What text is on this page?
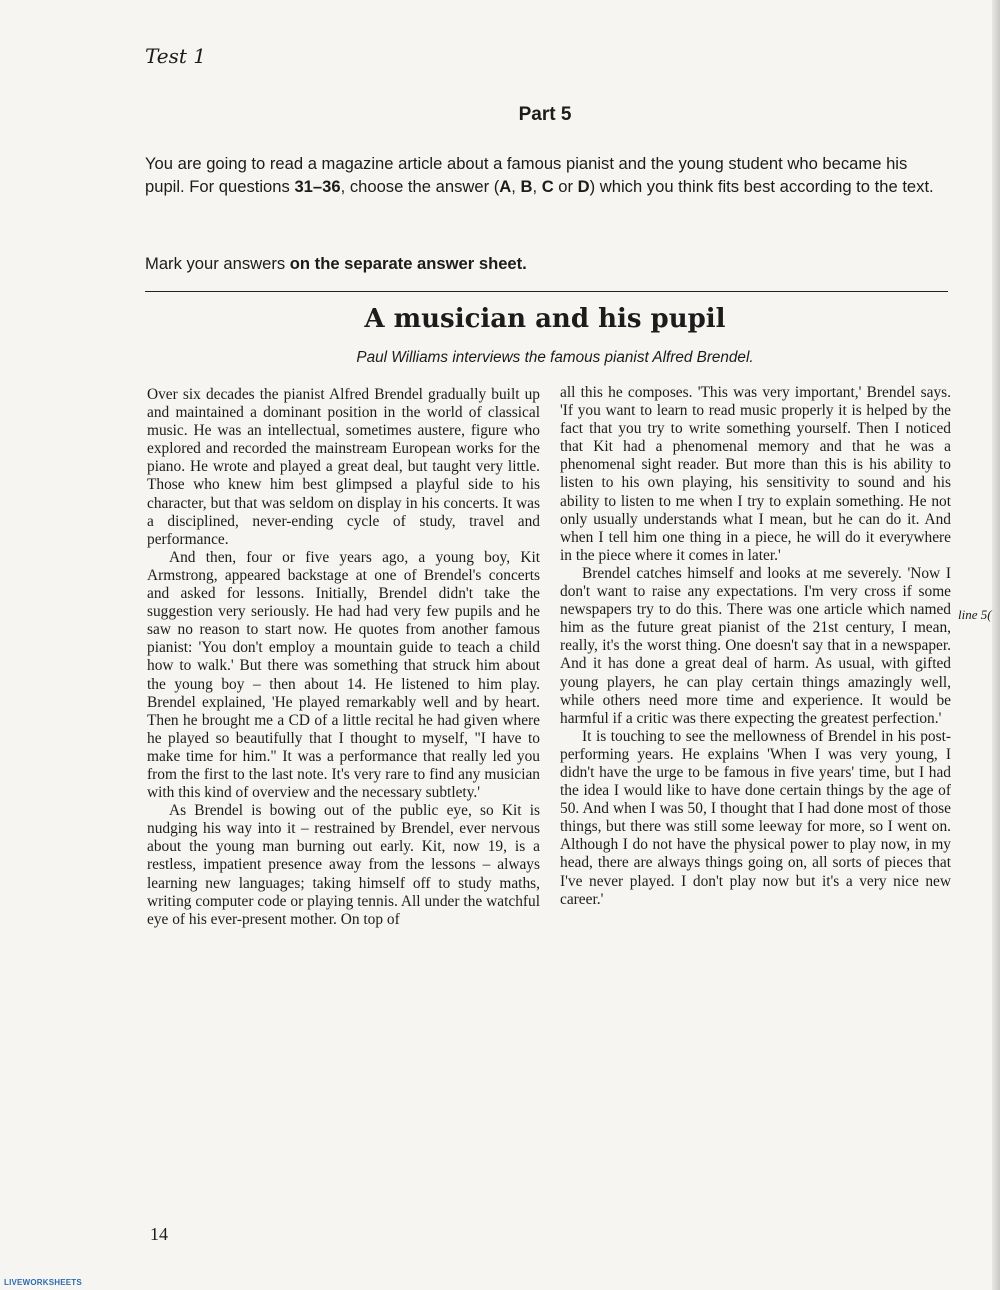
Test 1
Part 5
You are going to read a magazine article about a famous pianist and the young student who became his pupil. For questions 31–36, choose the answer (A, B, C or D) which you think fits best according to the text.
Mark your answers on the separate answer sheet.
A musician and his pupil
Paul Williams interviews the famous pianist Alfred Brendel.

Over six decades the pianist Alfred Brendel gradually built up and maintained a dominant position in the world of classical music. He was an intellectual, sometimes austere, figure who explored and recorded the mainstream European works for the piano. He wrote and played a great deal, but taught very little. Those who knew him best glimpsed a playful side to his character, but that was seldom on display in his concerts. It was a disciplined, never-ending cycle of study, travel and performance.

And then, four or five years ago, a young boy, Kit Armstrong, appeared backstage at one of Brendel's concerts and asked for lessons. Initially, Brendel didn't take the suggestion very seriously. He had had very few pupils and he saw no reason to start now. He quotes from another famous pianist: 'You don't employ a mountain guide to teach a child how to walk.' But there was something that struck him about the young boy – then about 14. He listened to him play. Brendel explained, 'He played remarkably well and by heart. Then he brought me a CD of a little recital he had given where he played so beautifully that I thought to myself, "I have to make time for him." It was a performance that really led you from the first to the last note. It's very rare to find any musician with this kind of overview and the necessary subtlety.'

As Brendel is bowing out of the public eye, so Kit is nudging his way into it – restrained by Brendel, ever nervous about the young man burning out early. Kit, now 19, is a restless, impatient presence away from the lessons – always learning new languages; taking himself off to study maths, writing computer code or playing tennis. All under the watchful eye of his ever-present mother. On top of

all this he composes. 'This was very important,' Brendel says. 'If you want to learn to read music properly it is helped by the fact that you try to write something yourself. Then I noticed that Kit had a phenomenal memory and that he was a phenomenal sight reader. But more than this is his ability to listen to his own playing, his sensitivity to sound and his ability to listen to me when I try to explain something. He not only usually understands what I mean, but he can do it. And when I tell him one thing in a piece, he will do it everywhere in the piece where it comes in later.'

Brendel catches himself and looks at me severely. 'Now I don't want to raise any expectations. I'm very cross if some newspapers try to do this. There was one article which named him as the future great pianist of the 21st century, I mean, really, it's the worst thing. One doesn't say that in a newspaper. And it has done a great deal of harm. As usual, with gifted young players, he can play certain things amazingly well, while others need more time and experience. It would be harmful if a critic was there expecting the greatest perfection.'

It is touching to see the mellowness of Brendel in his post-performing years. He explains 'When I was very young, I didn't have the urge to be famous in five years' time, but I had the idea I would like to have done certain things by the age of 50. And when I was 50, I thought that I had done most of those things, but there was still some leeway for more, so I went on. Although I do not have the physical power to play now, in my head, there are always things going on, all sorts of pieces that I've never played. I don't play now but it's a very nice new career.'

line 5(
14
LIVEWORKSHEETS
